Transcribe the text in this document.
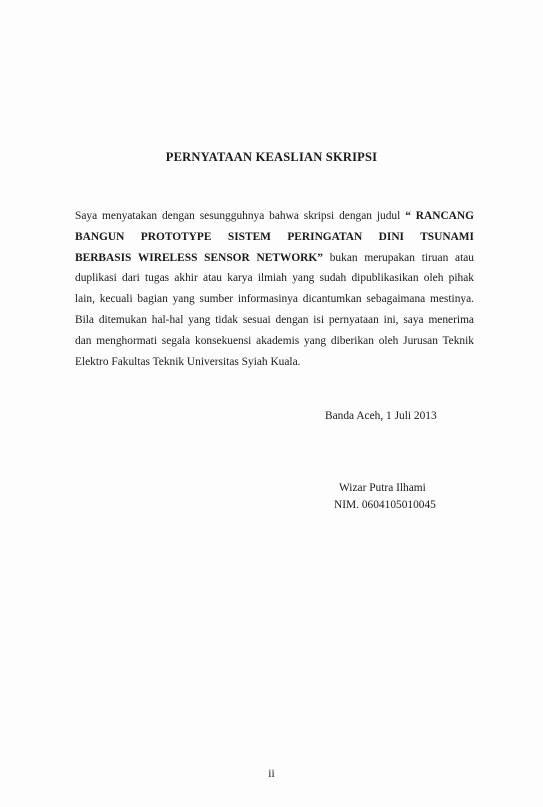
PERNYATAAN KEASLIAN SKRIPSI
Saya menyatakan dengan sesungguhnya bahwa skripsi dengan judul “ RANCANG
BANGUN PROTOTYPE SISTEM PERINGATAN DINI TSUNAMI
BERBASIS WIRELESS SENSOR NETWORK” bukan merupakan tiruan atau
duplikasi dari tugas akhir atau karya ilmiah yang sudah dipublikasikan oleh pihak
lain, kecuali bagian yang sumber informasinya dicantumkan sebagaimana mestinya.
Bila ditemukan hal-hal yang tidak sesuai dengan isi pernyataan ini, saya menerima
dan menghormati segala konsekuensi akademis yang diberikan oleh Jurusan Teknik
Elektro Fakultas Teknik Universitas Syiah Kuala.
Banda Aceh, 1 Juli 2013
Wizar Putra Ilhami
NIM. 0604105010045
ii
